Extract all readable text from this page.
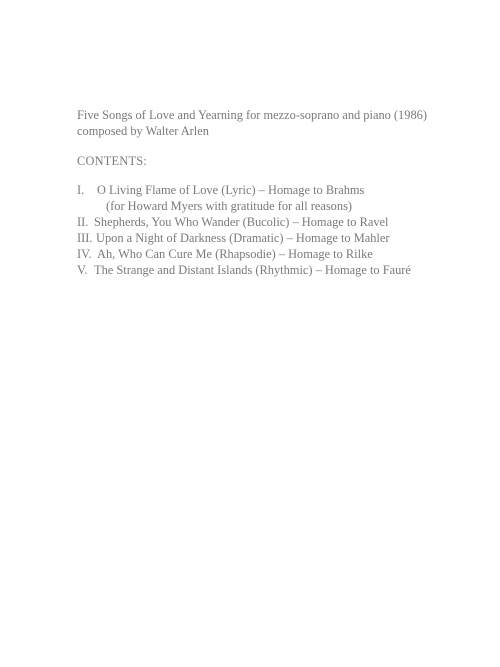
Five Songs of Love and Yearning for mezzo-soprano and piano (1986)
composed by Walter Arlen
CONTENTS:
I. O Living Flame of Love (Lyric) – Homage to Brahms
(for Howard Myers with gratitude for all reasons)
II. Shepherds, You Who Wander (Bucolic) – Homage to Ravel
III. Upon a Night of Darkness (Dramatic) – Homage to Mahler
IV. Ah, Who Can Cure Me (Rhapsodie) – Homage to Rilke
V. The Strange and Distant Islands (Rhythmic) – Homage to Fauré
